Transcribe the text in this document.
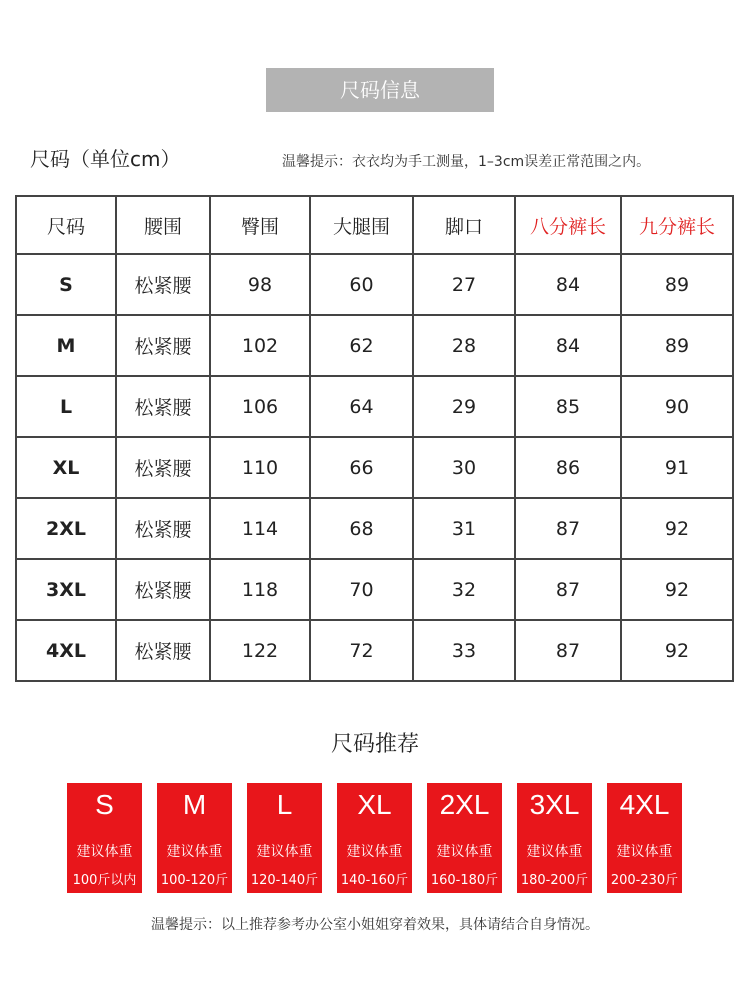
尺码信息
尺码（单位cm）	温馨提示：衣衣均为手工测量，1–3cm误差正常范围之内。
尺码	腰围	臀围	大腿围	脚口	八分裤长	九分裤长
S	松紧腰	98	60	27	84	89
M	松紧腰	102	62	28	84	89
L	松紧腰	106	64	29	85	90
XL	松紧腰	110	66	30	86	91
2XL	松紧腰	114	68	31	87	92
3XL	松紧腰	118	70	32	87	92
4XL	松紧腰	122	72	33	87	92
尺码推荐
S
建议体重
100斤以内
M
建议体重
100-120斤
L
建议体重
120-140斤
XL
建议体重
140-160斤
2XL
建议体重
160-180斤
3XL
建议体重
180-200斤
4XL
建议体重
200-230斤
温馨提示：以上推荐参考办公室小姐姐穿着效果，具体请结合自身情况。
